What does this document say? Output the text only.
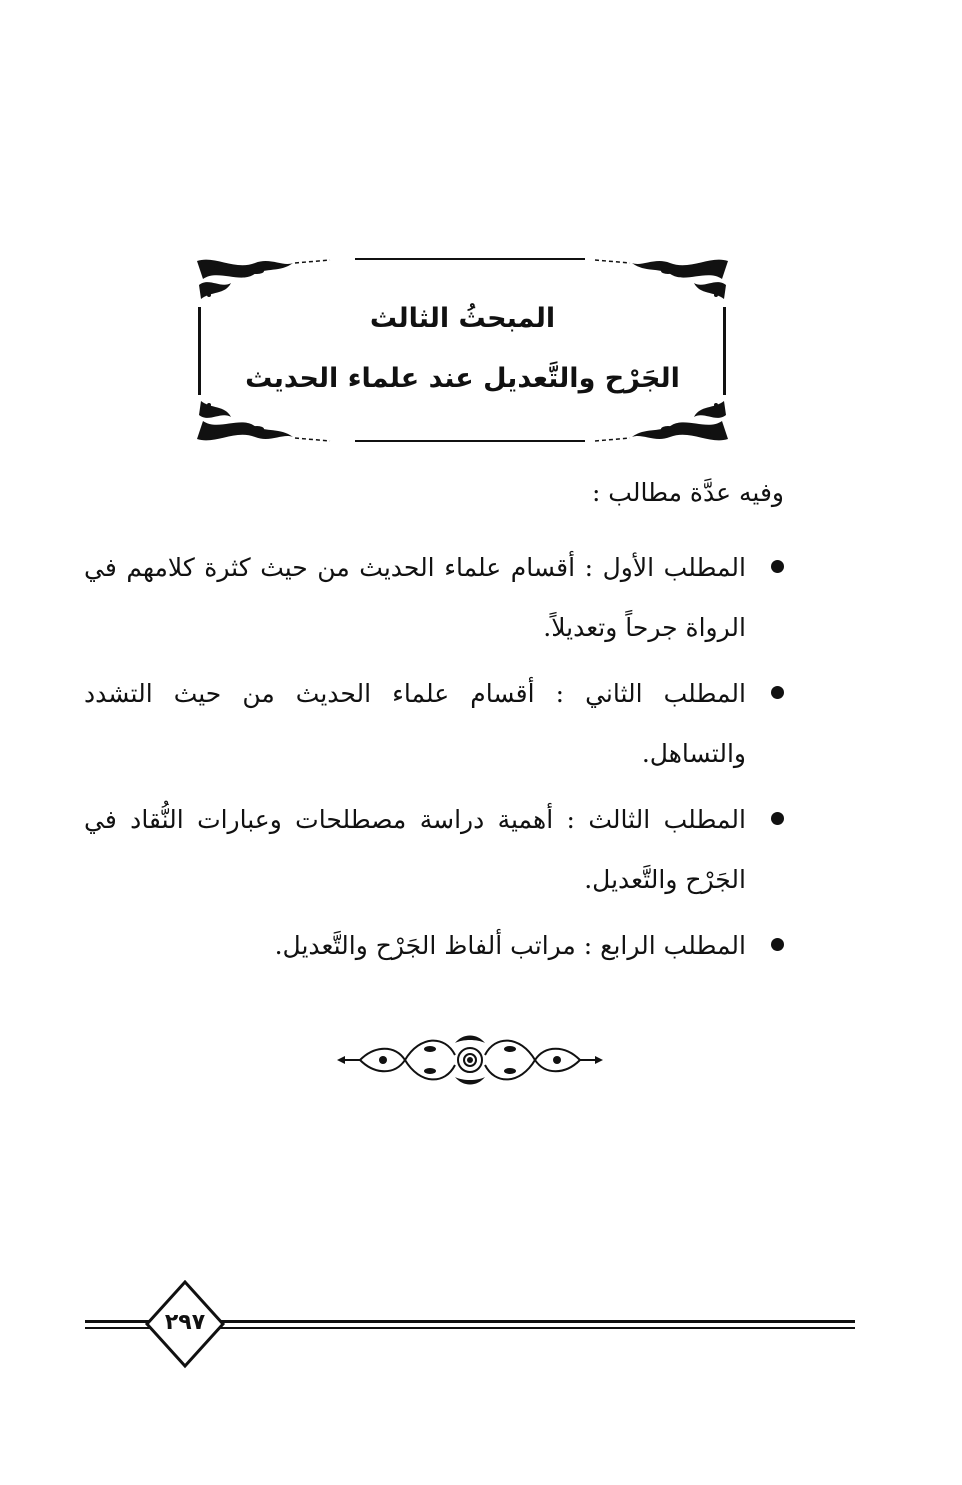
المبحثُ الثالث
الجَرْح والتَّعديل عند علماء الحديث
وفيه عدَّة مطالب :
المطلب الأول : أقسام علماء الحديث من حيث كثرة كلامهم في الرواة جرحاً وتعديلاً.
المطلب الثاني : أقسام علماء الحديث من حيث التشدد والتساهل.
المطلب الثالث : أهمية دراسة مصطلحات وعبارات النُّقاد في الجَرْح والتَّعديل.
المطلب الرابع : مراتب ألفاظ الجَرْح والتَّعديل.
٢٩٧
